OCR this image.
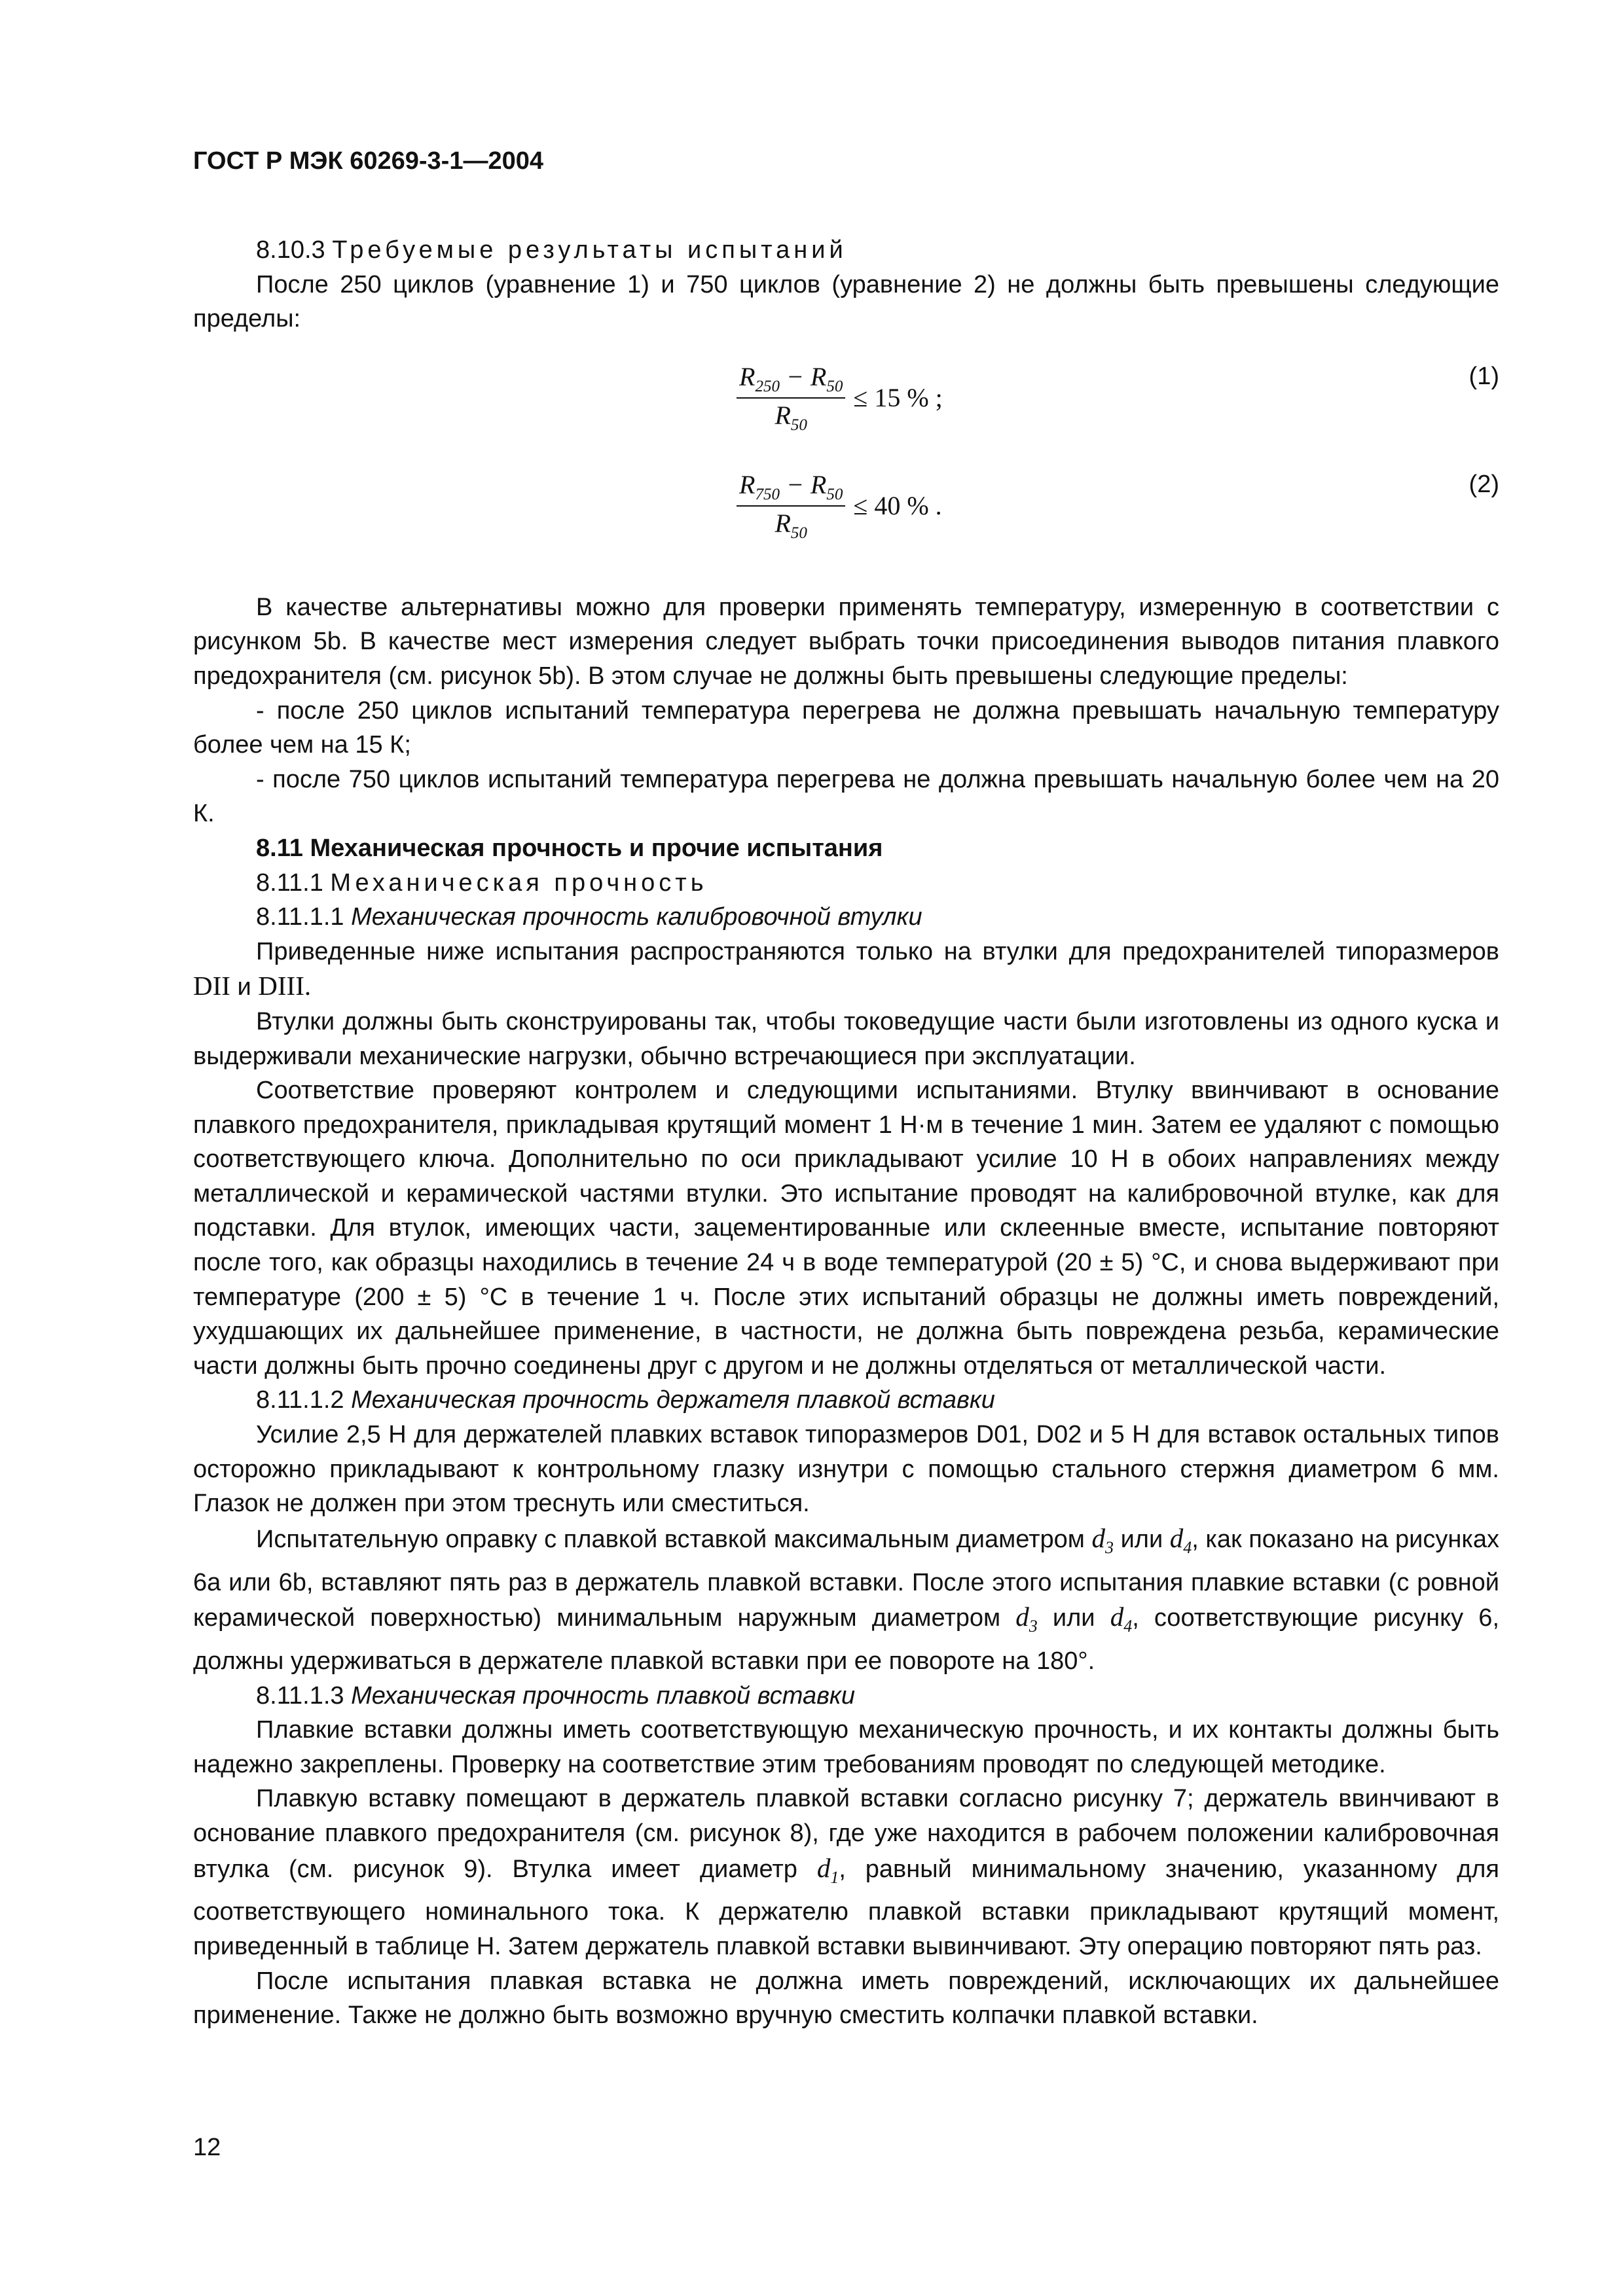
ГОСТ Р МЭК 60269-3-1—2004

8.10.3 Требуемые результаты испытаний

После 250 циклов (уравнение 1) и 750 циклов (уравнение 2) не должны быть превышены следующие пределы:

$\frac{R_{250} - R_{50}}{R_{50}} \le 15$ % ;
(1)
$\frac{R_{750} - R_{50}}{R_{50}} \le 40$ % .
(2)

В качестве альтернативы можно для проверки применять температуру, измеренную в соответствии с рисунком 5b. В качестве мест измерения следует выбрать точки присоединения выводов питания плавкого предохранителя (см. рисунок 5b). В этом случае не должны быть превышены следующие пределы:

- после 250 циклов испытаний температура перегрева не должна превышать начальную температуру более чем на 15 К;

- после 750 циклов испытаний температура перегрева не должна превышать начальную более чем на 20 К.

8.11 Механическая прочность и прочие испытания

8.11.1 Механическая прочность

8.11.1.1 Механическая прочность калибровочной втулки

Приведенные ниже испытания распространяются только на втулки для предохранителей типоразмеров DII и DIII.

Втулки должны быть сконструированы так, чтобы токоведущие части были изготовлены из одного куска и выдерживали механические нагрузки, обычно встречающиеся при эксплуатации.

Соответствие проверяют контролем и следующими испытаниями. Втулку ввинчивают в основание плавкого предохранителя, прикладывая крутящий момент 1 Н·м в течение 1 мин. Затем ее удаляют с помощью соответствующего ключа. Дополнительно по оси прикладывают усилие 10 Н в обоих направлениях между металлической и керамической частями втулки. Это испытание проводят на калибровочной втулке, как для подставки. Для втулок, имеющих части, зацементированные или склеенные вместе, испытание повторяют после того, как образцы находились в течение 24 ч в воде температурой (20 ± 5) °С, и снова выдерживают при температуре (200 ± 5) °С в течение 1 ч. После этих испытаний образцы не должны иметь повреждений, ухудшающих их дальнейшее применение, в частности, не должна быть повреждена резьба, керамические части должны быть прочно соединены друг с другом и не должны отделяться от металлической части.

8.11.1.2 Механическая прочность держателя плавкой вставки

Усилие 2,5 Н для держателей плавких вставок типоразмеров D01, D02 и 5 Н для вставок остальных типов осторожно прикладывают к контрольному глазку изнутри с помощью стального стержня диаметром 6 мм. Глазок не должен при этом треснуть или сместиться.

Испытательную оправку с плавкой вставкой максимальным диаметром $d_3$ или $d_4$, как показано на рисунках 6а или 6b, вставляют пять раз в держатель плавкой вставки. После этого испытания плавкие вставки (с ровной керамической поверхностью) минимальным наружным диаметром $d_3$ или $d_4$, соответствующие рисунку 6, должны удерживаться в держателе плавкой вставки при ее повороте на 180°.

8.11.1.3 Механическая прочность плавкой вставки

Плавкие вставки должны иметь соответствующую механическую прочность, и их контакты должны быть надежно закреплены. Проверку на соответствие этим требованиям проводят по следующей методике.

Плавкую вставку помещают в держатель плавкой вставки согласно рисунку 7; держатель ввинчивают в основание плавкого предохранителя (см. рисунок 8), где уже находится в рабочем положении калибровочная втулка (см. рисунок 9). Втулка имеет диаметр $d_1$, равный минимальному значению, указанному для соответствующего номинального тока. К держателю плавкой вставки прикладывают крутящий момент, приведенный в таблице Н. Затем держатель плавкой вставки вывинчивают. Эту операцию повторяют пять раз.

После испытания плавкая вставка не должна иметь повреждений, исключающих их дальнейшее применение. Также не должно быть возможно вручную сместить колпачки плавкой вставки.

12
